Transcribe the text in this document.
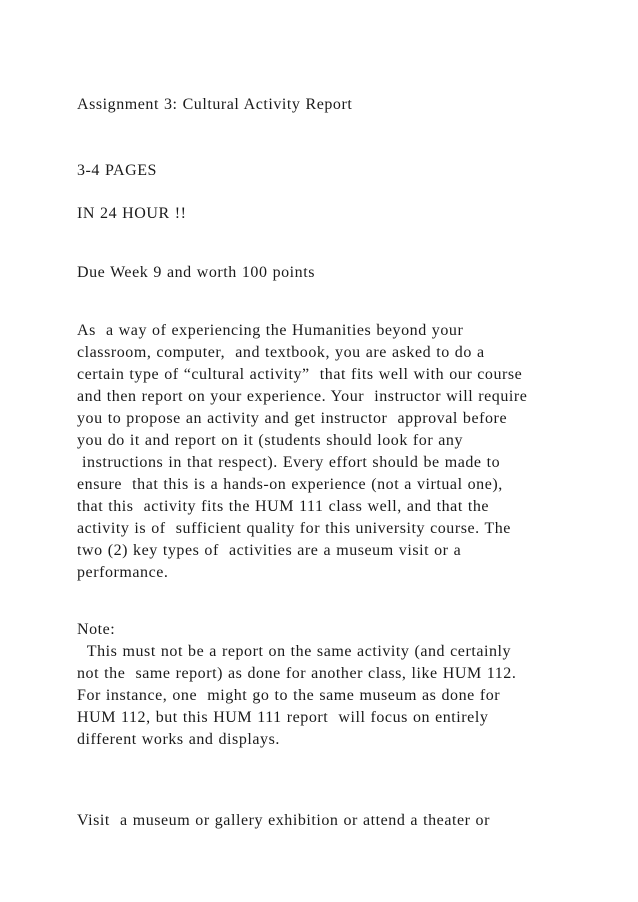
Assignment 3: Cultural Activity Report

3-4 PAGES

IN 24 HOUR !!

Due Week 9 and worth 100 points

As  a way of experiencing the Humanities beyond your

classroom, computer,  and textbook, you are asked to do a

certain type of “cultural activity”  that fits well with our course

and then report on your experience. Your  instructor will require

you to propose an activity and get instructor  approval before

you do it and report on it (students should look for any

instructions in that respect). Every effort should be made to

ensure  that this is a hands-on experience (not a virtual one),

that this  activity fits the HUM 111 class well, and that the

activity is of  sufficient quality for this university course. The

two (2) key types of  activities are a museum visit or a

performance.

Note:

This must not be a report on the same activity (and certainly

not the  same report) as done for another class, like HUM 112.

For instance, one  might go to the same museum as done for

HUM 112, but this HUM 111 report  will focus on entirely

different works and displays.

Visit  a museum or gallery exhibition or attend a theater or
